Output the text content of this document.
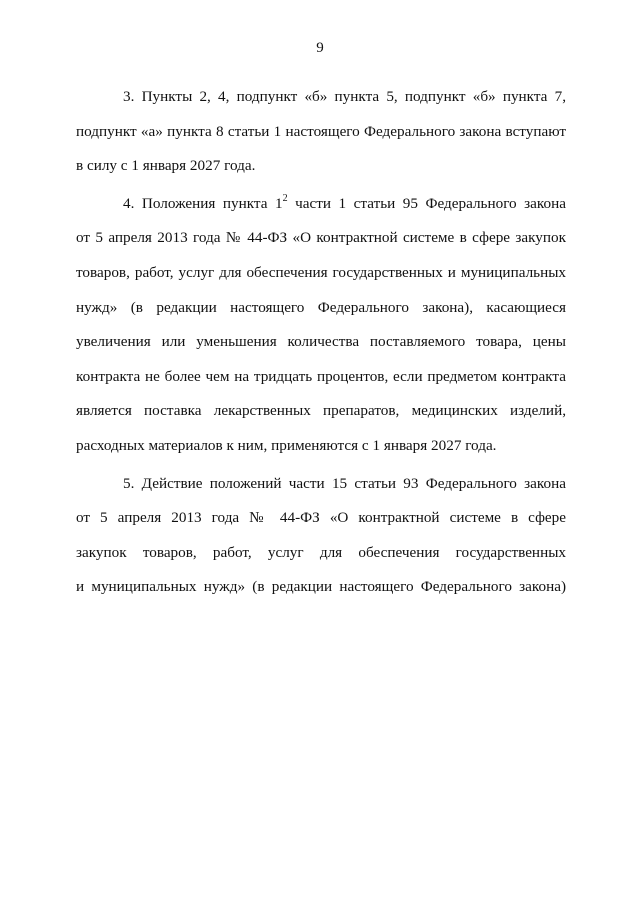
9
3. Пункты 2, 4, подпункт «б» пункта 5, подпункт «б» пункта 7,
подпункт «а» пункта 8 статьи 1 настоящего Федерального закона вступают
в силу с 1 января 2027 года.
4. Положения пункта $1^2$ части 1 статьи 95 Федерального закона
от 5 апреля 2013 года № 44-ФЗ «О контрактной системе в сфере закупок
товаров, работ, услуг для обеспечения государственных и муниципальных
нужд» (в редакции настоящего Федерального закона), касающиеся
увеличения или уменьшения количества поставляемого товара, цены
контракта не более чем на тридцать процентов, если предметом контракта
является поставка лекарственных препаратов, медицинских изделий,
расходных материалов к ним, применяются с 1 января 2027 года.
5. Действие положений части 15 статьи 93 Федерального закона
от 5 апреля 2013 года № 44-ФЗ «О контрактной системе в сфере
закупок товаров, работ, услуг для обеспечения государственных
и муниципальных нужд» (в редакции настоящего Федерального закона)
